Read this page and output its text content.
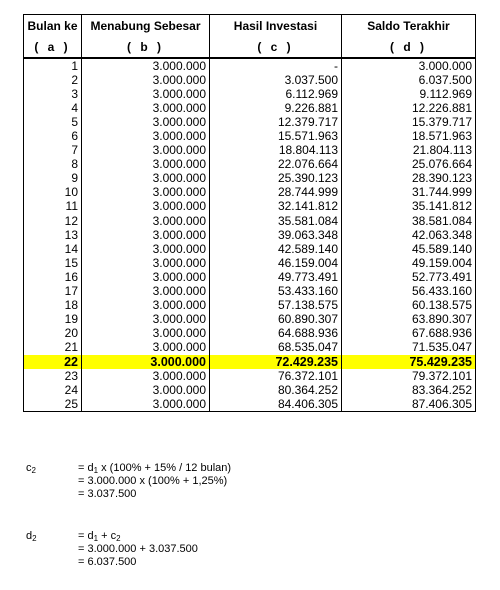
Bulan ke	Menabung Sebesar	Hasil Investasi	Saldo Terakhir
( a )	( b )	( c )	( d )
1	3.000.000	-	3.000.000
2	3.000.000	3.037.500	6.037.500
3	3.000.000	6.112.969	9.112.969
4	3.000.000	9.226.881	12.226.881
5	3.000.000	12.379.717	15.379.717
6	3.000.000	15.571.963	18.571.963
7	3.000.000	18.804.113	21.804.113
8	3.000.000	22.076.664	25.076.664
9	3.000.000	25.390.123	28.390.123
10	3.000.000	28.744.999	31.744.999
11	3.000.000	32.141.812	35.141.812
12	3.000.000	35.581.084	38.581.084
13	3.000.000	39.063.348	42.063.348
14	3.000.000	42.589.140	45.589.140
15	3.000.000	46.159.004	49.159.004
16	3.000.000	49.773.491	52.773.491
17	3.000.000	53.433.160	56.433.160
18	3.000.000	57.138.575	60.138.575
19	3.000.000	60.890.307	63.890.307
20	3.000.000	64.688.936	67.688.936
21	3.000.000	68.535.047	71.535.047
22	3.000.000	72.429.235	75.429.235
23	3.000.000	76.372.101	79.372.101
24	3.000.000	80.364.252	83.364.252
25	3.000.000	84.406.305	87.406.305
$c_2$	= $d_1$ x (100% + 15% / 12 bulan)
= 3.000.000 x (100% + 1,25%)
= 3.037.500
$d_2$	= $d_1 + c_2$
= 3.000.000 + 3.037.500
= 6.037.500
